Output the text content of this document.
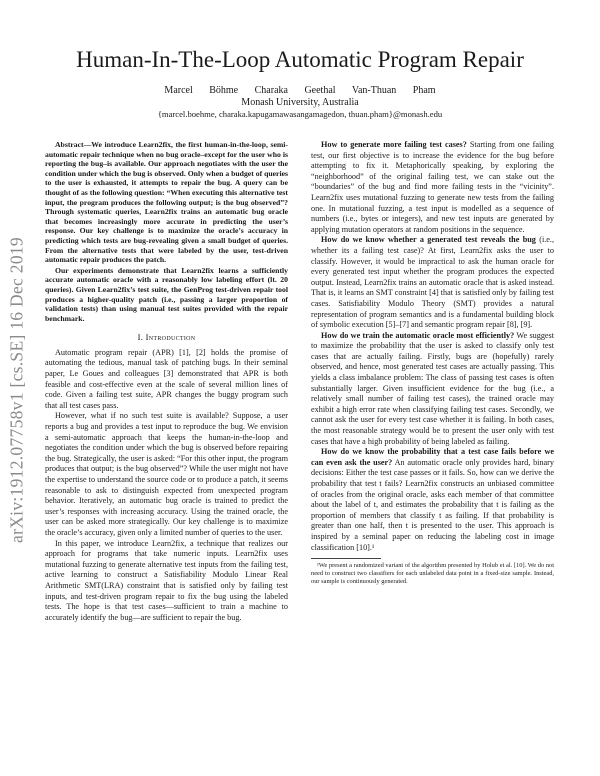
arXiv:1912.07758v1 [cs.SE] 16 Dec 2019
Human-In-The-Loop Automatic Program Repair
Marcel Böhme Charaka Geethal Van-Thuan Pham
Monash University, Australia
{marcel.boehme, charaka.kapugamawasangamagedon, thuan.pham}@monash.edu

Abstract—We introduce Learn2fix, the first human-in-the-loop, semi-automatic repair technique when no bug oracle–except for the user who is reporting the bug–is available. Our approach negotiates with the user the condition under which the bug is observed. Only when a budget of queries to the user is exhausted, it attempts to repair the bug. A query can be thought of as the following question: “When executing this alternative test input, the program produces the following output; is the bug observed”? Through systematic queries, Learn2fix trains an automatic bug oracle that becomes increasingly more accurate in predicting the user’s response. Our key challenge is to maximize the oracle’s accuracy in predicting which tests are bug-revealing given a small budget of queries. From the alternative tests that were labeled by the user, test-driven automatic repair produces the patch.

Our experiments demonstrate that Learn2fix learns a sufficiently accurate automatic oracle with a reasonably low labeling effort (lt. 20 queries). Given Learn2fix’s test suite, the GenProg test-driven repair tool produces a higher-quality patch (i.e., passing a larger proportion of validation tests) than using manual test suites provided with the repair benchmark.

I. Introduction

Automatic program repair (APR) [1], [2] holds the promise of automating the tedious, manual task of patching bugs. In their seminal paper, Le Goues and colleagues [3] demonstrated that APR is both feasible and cost-effective even at the scale of several million lines of code. Given a failing test suite, APR changes the buggy program such that all test cases pass.

However, what if no such test suite is available? Suppose, a user reports a bug and provides a test input to reproduce the bug. We envision a semi-automatic approach that keeps the human-in-the-loop and negotiates the condition under which the bug is observed before repairing the bug. Strategically, the user is asked: “For this other input, the program produces that output; is the bug observed”? While the user might not have the expertise to understand the source code or to produce a patch, it seems reasonable to ask to distinguish expected from unexpected program behavior. Iteratively, an automatic bug oracle is trained to predict the user’s responses with increasing accuracy. Using the trained oracle, the user can be asked more strategically. Our key challenge is to maximize the oracle’s accuracy, given only a limited number of queries to the user.

In this paper, we introduce Learn2fix, a technique that realizes our approach for programs that take numeric inputs. Learn2fix uses mutational fuzzing to generate alternative test inputs from the failing test, active learning to construct a Satisfiability Modulo Linear Real Arithmetic SMT(LRA) constraint that is satisfied only by failing test inputs, and test-driven program repair to fix the bug using the labeled tests. The hope is that test cases—sufficient to train a machine to accurately identify the bug—are sufficient to repair the bug.

How to generate more failing test cases? Starting from one failing test, our first objective is to increase the evidence for the bug before attempting to fix it. Metaphorically speaking, by exploring the “neighborhood” of the original failing test, we can stake out the “boundaries” of the bug and find more failing tests in the “vicinity”. Learn2fix uses mutational fuzzing to generate new tests from the failing one. In mutational fuzzing, a test input is modelled as a sequence of numbers (i.e., bytes or integers), and new test inputs are generated by applying mutation operators at random positions in the sequence.

How do we know whether a generated test reveals the bug (i.e., whether its a failing test case)? At first, Learn2fix asks the user to classify. However, it would be impractical to ask the human oracle for every generated test input whether the program produces the expected output. Instead, Learn2fix trains an automatic oracle that is asked instead. That is, it learns an SMT constraint [4] that is satisfied only by failing test cases. Satisfiability Modulo Theory (SMT) provides a natural representation of program semantics and is a fundamental building block of symbolic execution [5]–[7] and semantic program repair [8], [9].

How do we train the automatic oracle most efficiently? We suggest to maximize the probability that the user is asked to classify only test cases that are actually failing. Firstly, bugs are (hopefully) rarely observed, and hence, most generated test cases are actually passing. This yields a class imbalance problem: The class of passing test cases is often substantially larger. Given insufficient evidence for the bug (i.e., a relatively small number of failing test cases), the trained oracle may exhibit a high error rate when classifying failing test cases. Secondly, we cannot ask the user for every test case whether it is failing. In both cases, the most reasonable strategy would be to present the user only with test cases that have a high probability of being labeled as failing.

How do we know the probability that a test case fails before we can even ask the user? An automatic oracle only provides hard, binary decisions: Either the test case passes or it fails. So, how can we derive the probability that test t fails? Learn2fix constructs an unbiased committee of oracles from the original oracle, asks each member of that committee about the label of t, and estimates the probability that t is failing as the proportion of members that classify t as failing. If that probability is greater than one half, then t is presented to the user. This approach is inspired by a seminal paper on reducing the labeling cost in image classification [10].¹

¹We present a randomized variant of the algorithm presented by Holub et al. [10]. We do not need to construct two classifiers for each unlabeled data point in a fixed-size sample. Instead, our sample is continuously generated.
